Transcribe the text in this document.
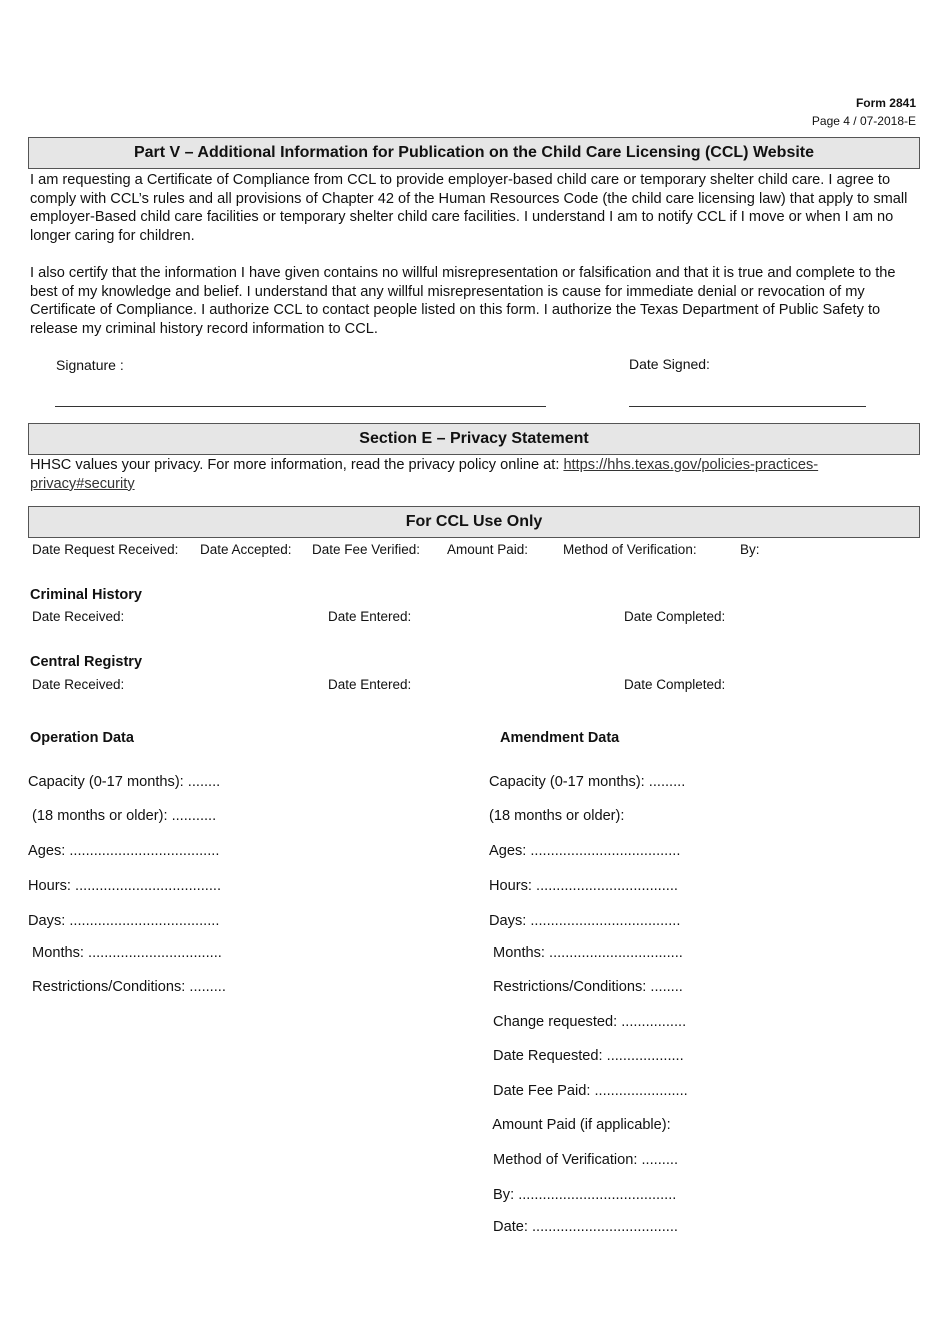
Form 2841
Page 4 / 07-2018-E
Part V – Additional Information for Publication on the Child Care Licensing (CCL) Website

I am requesting a Certificate of Compliance from CCL to provide employer-based child care or temporary shelter child care. I agree to comply with CCL’s rules and all provisions of Chapter 42 of the Human Resources Code (the child care licensing law) that apply to small employer-Based child care facilities or temporary shelter child care facilities. I understand I am to notify CCL if I move or when I am no longer caring for children.

I also certify that the information I have given contains no willful misrepresentation or falsification and that it is true and complete to the best of my knowledge and belief. I understand that any willful misrepresentation is cause for immediate denial or revocation of my Certificate of Compliance. I authorize CCL to contact people listed on this form. I authorize the Texas Department of Public Safety to release my criminal history record information to CCL.

Signature :	Date Signed:
Section E – Privacy Statement

HHSC values your privacy. For more information, read the privacy policy online at: https://hhs.texas.gov/policies-practices-
privacy#security

For CCL Use Only
Date Request Received: Date Accepted: Date Fee Verified: Amount Paid:	Method of Verification:	By:
Criminal History
Date Received:	Date Entered:	Date Completed:
Central Registry
Date Received:	Date Entered:	Date Completed:
Operation Data
Capacity (0-17 months): ........
(18 months or older): ...........
Ages: .....................................
Hours: ....................................
Days: .....................................
Months: .................................
Restrictions/Conditions: .........
Amendment Data
Capacity (0-17 months): .........
(18 months or older):
Ages: .....................................
Hours: ...................................
Days: .....................................
Months: .................................
Restrictions/Conditions: ........
Change requested: ................
Date Requested: ...................
Date Fee Paid: .......................
Amount Paid (if applicable):
Method of Verification: .........
By: .......................................
Date: ....................................
